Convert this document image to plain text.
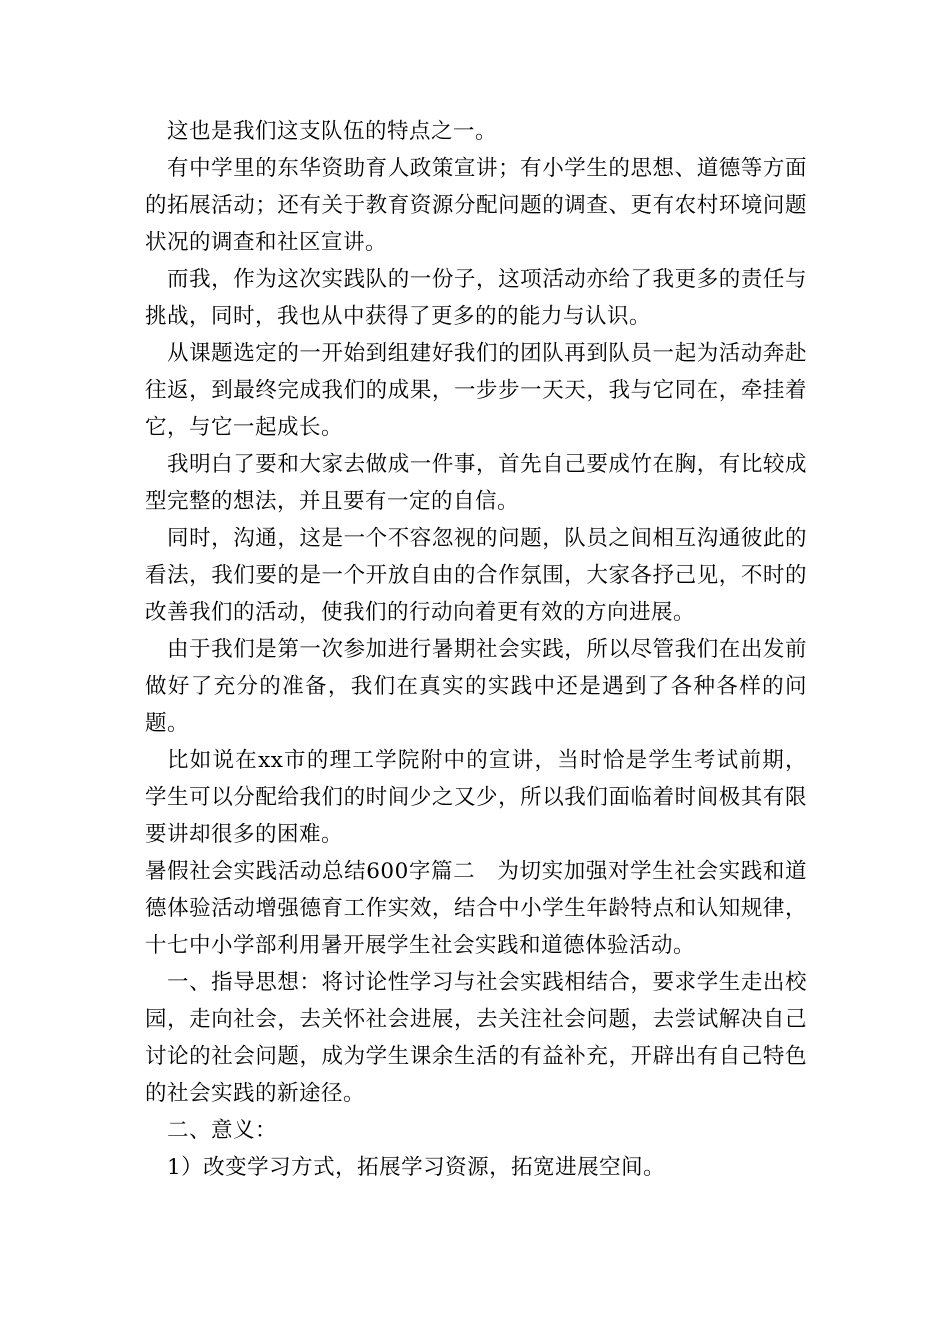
这也是我们这支队伍的特点之一。

有中学里的东华资助育人政策宣讲；有小学生的思想、道德等方面的拓展活动；还有关于教育资源分配问题的调查、更有农村环境问题状况的调查和社区宣讲。

而我，作为这次实践队的一份子，这项活动亦给了我更多的责任与挑战，同时，我也从中获得了更多的的能力与认识。

从课题选定的一开始到组建好我们的团队再到队员一起为活动奔赴往返，到最终完成我们的成果，一步步一天天，我与它同在，牵挂着它，与它一起成长。

我明白了要和大家去做成一件事，首先自己要成竹在胸，有比较成型完整的想法，并且要有一定的自信。

同时，沟通，这是一个不容忽视的问题，队员之间相互沟通彼此的看法，我们要的是一个开放自由的合作氛围，大家各抒己见，不时的改善我们的活动，使我们的行动向着更有效的方向进展。

由于我们是第一次参加进行暑期社会实践，所以尽管我们在出发前做好了充分的准备，我们在真实的实践中还是遇到了各种各样的问题。

比如说在xx市的理工学院附中的宣讲，当时恰是学生考试前期，学生可以分配给我们的时间少之又少，所以我们面临着时间极其有限要讲却很多的困难。

暑假社会实践活动总结600字篇二　为切实加强对学生社会实践和道德体验活动增强德育工作实效，结合中小学生年龄特点和认知规律，十七中小学部利用暑开展学生社会实践和道德体验活动。

一、指导思想：将讨论性学习与社会实践相结合，要求学生走出校园，走向社会，去关怀社会进展，去关注社会问题，去尝试解决自己讨论的社会问题，成为学生课余生活的有益补充，开辟出有自己特色的社会实践的新途径。

二、意义：

1）改变学习方式，拓展学习资源，拓宽进展空间。
